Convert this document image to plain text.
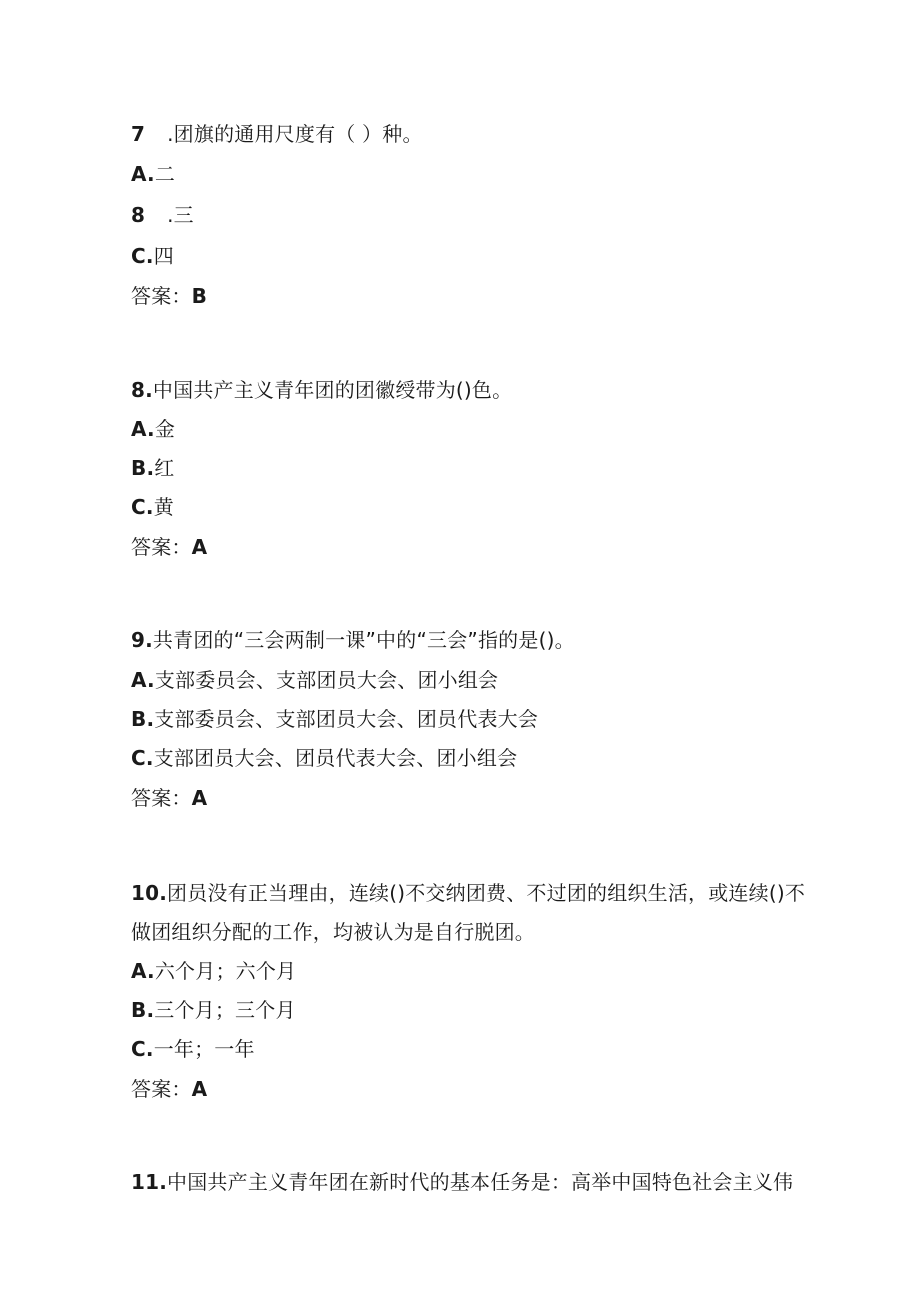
7 .团旗的通用尺度有（ ）种。
A.二
8 .三
C.四
答案：B
8.中国共产主义青年团的团徽绶带为()色。
A.金
B.红
C.黄
答案：A
9.共青团的“三会两制一课”中的“三会”指的是()。
A.支部委员会、支部团员大会、团小组会
B.支部委员会、支部团员大会、团员代表大会
C.支部团员大会、团员代表大会、团小组会
答案：A
10.团员没有正当理由，连续()不交纳团费、不过团的组织生活，或连续()不
做团组织分配的工作，均被认为是自行脱团。
A.六个月；六个月
B.三个月；三个月
C.一年；一年
答案：A
11.中国共产主义青年团在新时代的基本任务是：高举中国特色社会主义伟
